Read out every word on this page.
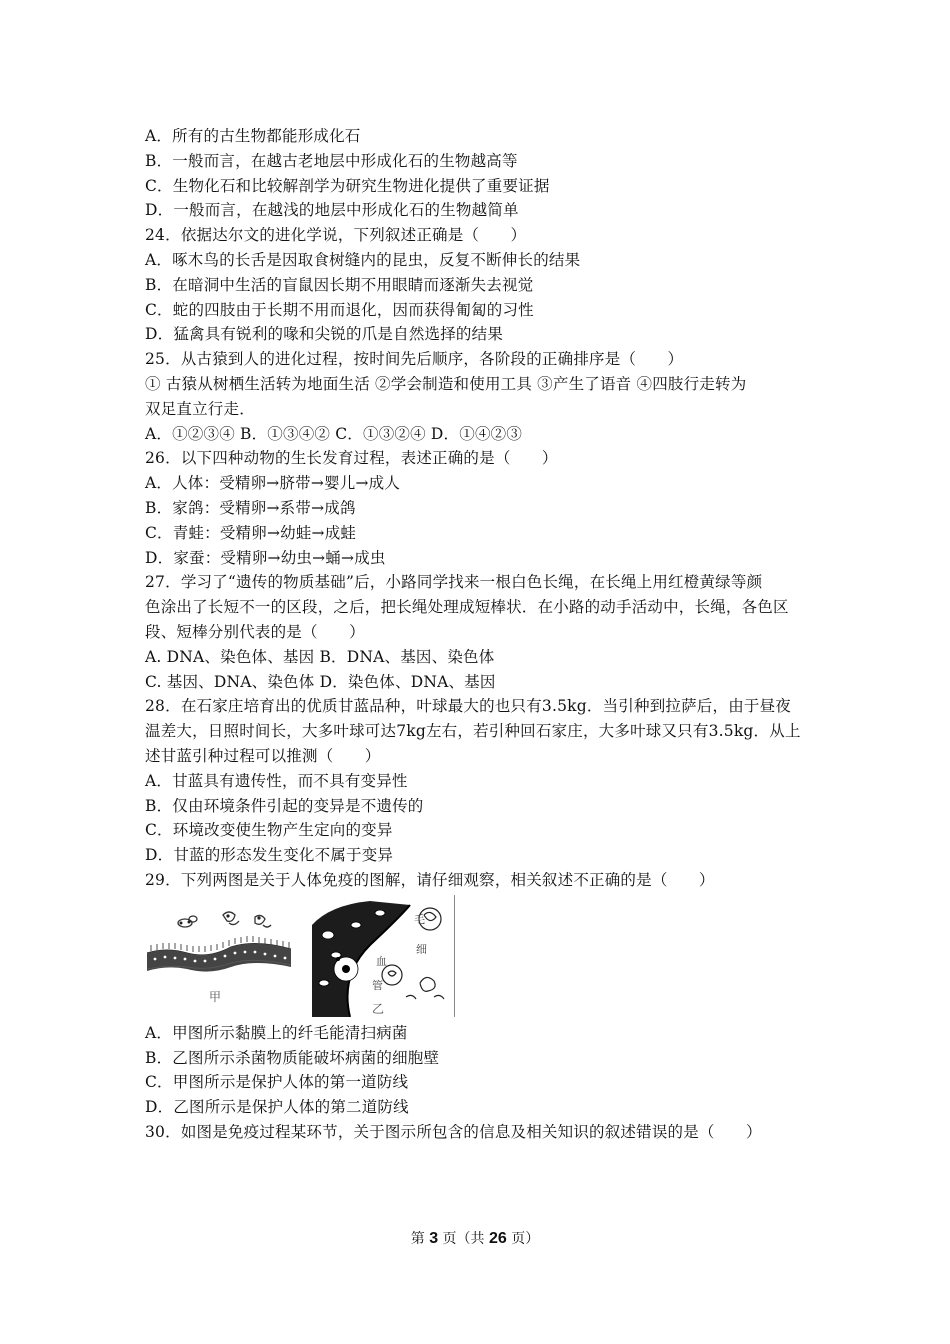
A．所有的古生物都能形成化石
B．一般而言，在越古老地层中形成化石的生物越高等
C．生物化石和比较解剖学为研究生物进化提供了重要证据
D．一般而言，在越浅的地层中形成化石的生物越简单
24．依据达尔文的进化学说，下列叙述正确是（　　）
A．啄木鸟的长舌是因取食树缝内的昆虫，反复不断伸长的结果
B．在暗洞中生活的盲鼠因长期不用眼睛而逐渐失去视觉
C．蛇的四肢由于长期不用而退化，因而获得匍匐的习性
D．猛禽具有锐利的喙和尖锐的爪是自然选择的结果
25．从古猿到人的进化过程，按时间先后顺序，各阶段的正确排序是（　　）
① 古猿从树栖生活转为地面生活 ②学会制造和使用工具 ③产生了语音 ④四肢行走转为
双足直立行走．
A．①②③④ B．①③④② C．①③②④ D．①④②③
26．以下四种动物的生长发育过程，表述正确的是（　　）
A．人体：受精卵→脐带→婴儿→成人
B．家鸽：受精卵→系带→成鸽
C．青蛙：受精卵→幼蛙→成蛙
D．家蚕：受精卵→幼虫→蛹→成虫
27．学习了“遗传的物质基础”后，小路同学找来一根白色长绳，在长绳上用红橙黄绿等颜
色涂出了长短不一的区段，之后，把长绳处理成短棒状．在小路的动手活动中，长绳，各色区
段、短棒分别代表的是（　　）
A. DNA、染色体、基因 B．DNA、基因、染色体
C. 基因、DNA、染色体 D．染色体、DNA、基因
28．在石家庄培育出的优质甘蓝品种，叶球最大的也只有3.5kg．当引种到拉萨后，由于昼夜
温差大，日照时间长，大多叶球可达7kg左右，若引种回石家庄，大多叶球又只有3.5kg．从上
述甘蓝引种过程可以推测（　　）
A．甘蓝具有遗传性，而不具有变异性
B．仅由环境条件引起的变异是不遗传的
C．环境改变使生物产生定向的变异
D．甘蓝的形态发生变化不属于变异
29．下列两图是关于人体免疫的图解，请仔细观察，相关叙述不正确的是（　　）
甲
毛
细
血
管
乙
A．甲图所示黏膜上的纤毛能清扫病菌
B．乙图所示杀菌物质能破坏病菌的细胞壁
C．甲图所示是保护人体的第一道防线
D．乙图所示是保护人体的第二道防线
30．如图是免疫过程某环节，关于图示所包含的信息及相关知识的叙述错误的是（　　）
第 3 页（共 26 页）
